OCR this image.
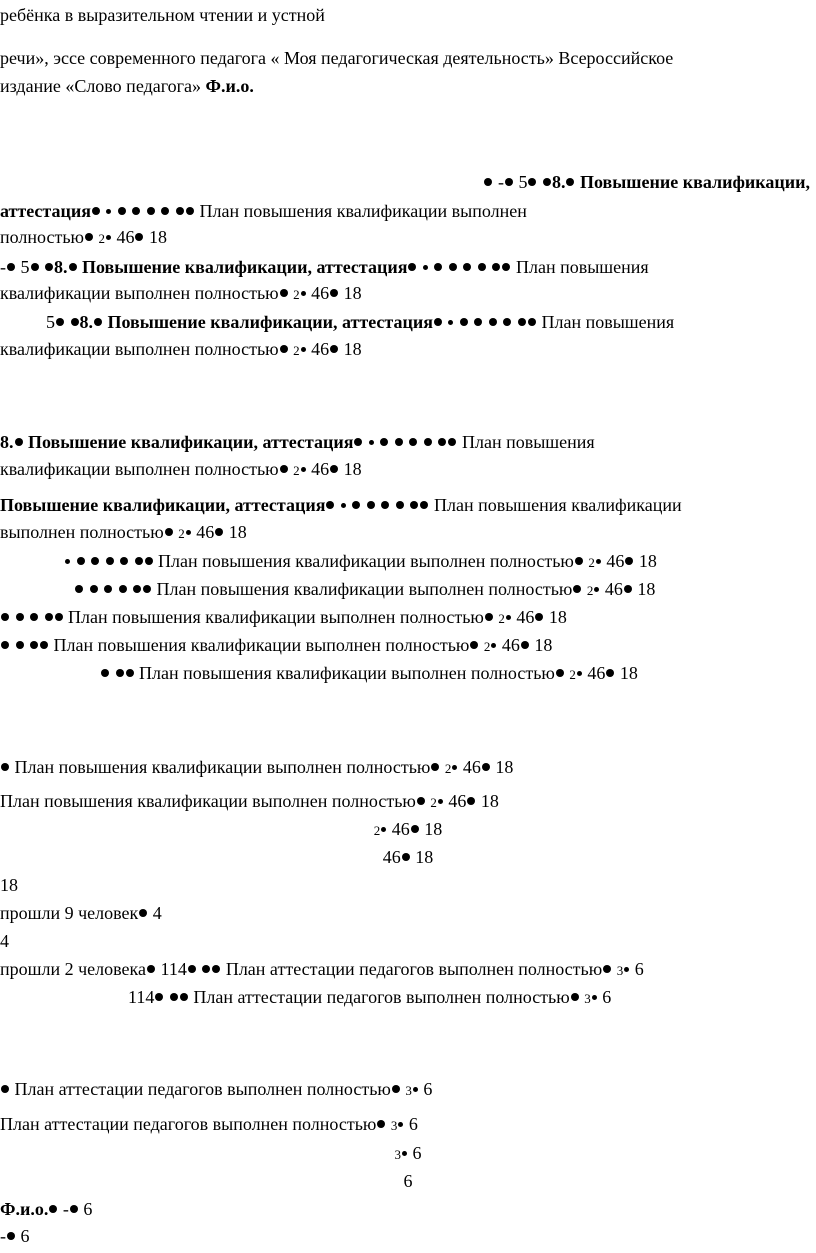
ребёнка в выразительном чтении и устной
речи», эссе современного педагога « Моя педагогическая деятельность» Всероссийское
издание «Слово педагога» Ф.и.о.
- 5 8. Повышение квалификации,
аттестация	План повышения квалификации выполнен
полностью 2 46 18
- 5 8. Повышение квалификации, аттестация	План повышения
квалификации выполнен полностью 2 46 18
5 8. Повышение квалификации, аттестация	План повышения
квалификации выполнен полностью 2 46 18
8. Повышение квалификации, аттестация	План повышения
квалификации выполнен полностью 2 46 18
Повышение квалификации, аттестация	План повышения квалификации
выполнен полностью 2 46 18
План повышения квалификации выполнен полностью 2 46 18
План повышения квалификации выполнен полностью 2 46 18
План повышения квалификации выполнен полностью 2 46 18
План повышения квалификации выполнен полностью 2 46 18
План повышения квалификации выполнен полностью 2 46 18
План повышения квалификации выполнен полностью 2 46 18
План повышения квалификации выполнен полностью 2 46 18
2 46 18
46 18
18
прошли 9 человек 4
4
прошли 2 человека 114 План аттестации педагогов выполнен полностью 3 6
114 План аттестации педагогов выполнен полностью 3 6
План аттестации педагогов выполнен полностью 3 6
План аттестации педагогов выполнен полностью 3 6
3 6
6
Ф.и.о. - 6
- 6
